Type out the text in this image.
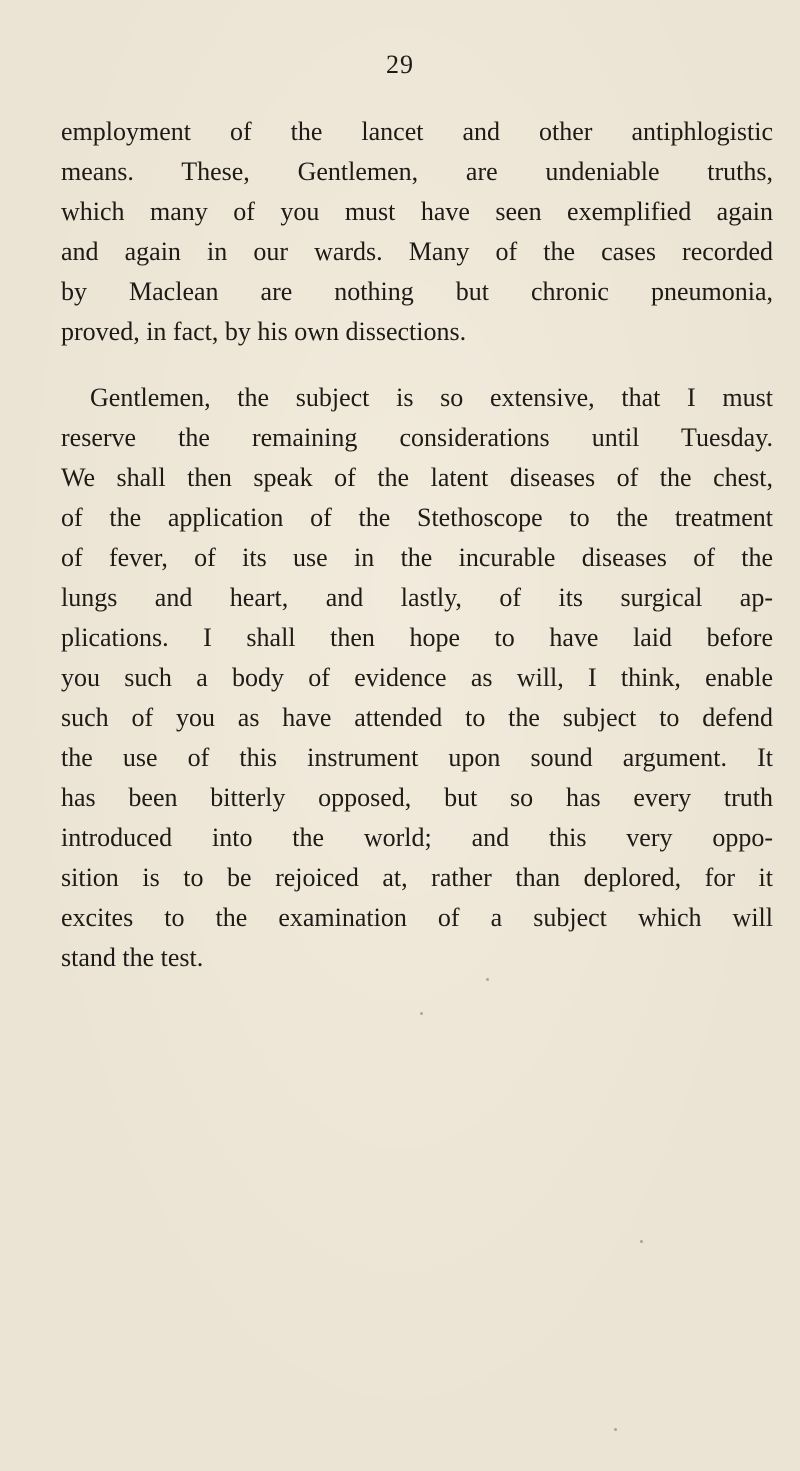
29

employment of the lancet and other antiphlogistic

means. These, Gentlemen, are undeniable truths,

which many of you must have seen exemplified again

and again in our wards. Many of the cases recorded

by Maclean are nothing but chronic pneumonia,

proved, in fact, by his own dissections.

Gentlemen, the subject is so extensive, that I must

reserve the remaining considerations until Tuesday.

We shall then speak of the latent diseases of the chest,

of the application of the Stethoscope to the treatment

of fever, of its use in the incurable diseases of the

lungs and heart, and lastly, of its surgical ap-

plications. I shall then hope to have laid before

you such a body of evidence as will, I think, enable

such of you as have attended to the subject to defend

the use of this instrument upon sound argument. It

has been bitterly opposed, but so has every truth

introduced into the world; and this very oppo-

sition is to be rejoiced at, rather than deplored, for it

excites to the examination of a subject which will

stand the test.
